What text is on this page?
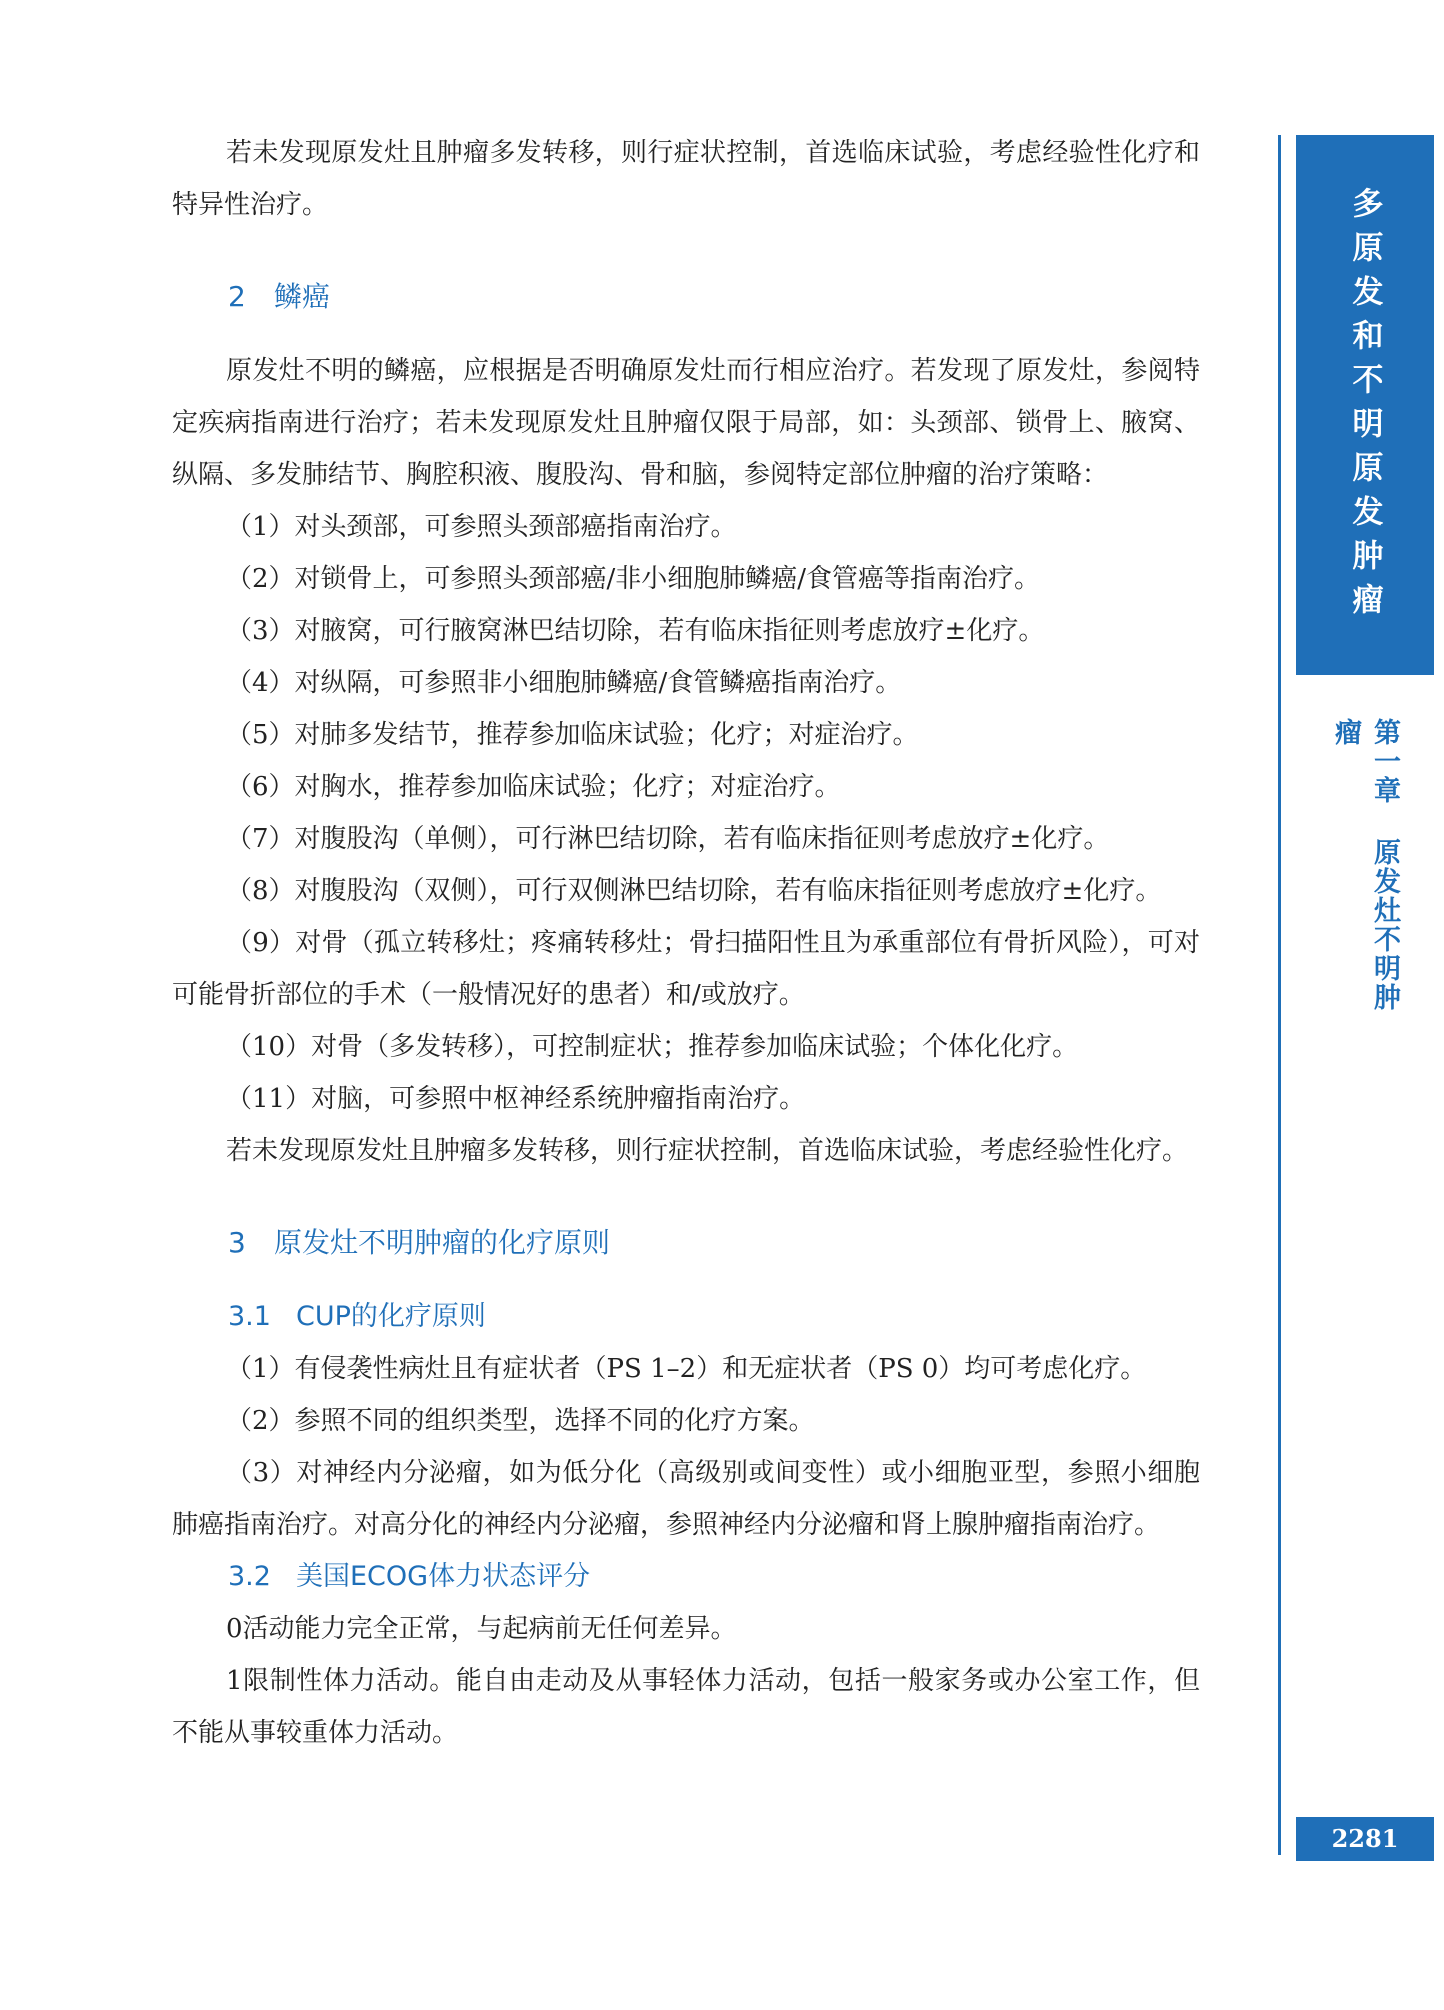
若未发现原发灶且肿瘤多发转移，则行症状控制，首选临床试验，考虑经验性化疗和特异性治疗。

2 鳞癌

原发灶不明的鳞癌，应根据是否明确原发灶而行相应治疗。若发现了原发灶，参阅特定疾病指南进行治疗；若未发现原发灶且肿瘤仅限于局部，如：头颈部、锁骨上、腋窝、纵隔、多发肺结节、胸腔积液、腹股沟、骨和脑，参阅特定部位肿瘤的治疗策略：

（1）对头颈部，可参照头颈部癌指南治疗。

（2）对锁骨上，可参照头颈部癌/非小细胞肺鳞癌/食管癌等指南治疗。

（3）对腋窝，可行腋窝淋巴结切除，若有临床指征则考虑放疗±化疗。

（4）对纵隔，可参照非小细胞肺鳞癌/食管鳞癌指南治疗。

（5）对肺多发结节，推荐参加临床试验；化疗；对症治疗。

（6）对胸水，推荐参加临床试验；化疗；对症治疗。

（7）对腹股沟（单侧），可行淋巴结切除，若有临床指征则考虑放疗±化疗。

（8）对腹股沟（双侧），可行双侧淋巴结切除，若有临床指征则考虑放疗±化疗。

（9）对骨（孤立转移灶；疼痛转移灶；骨扫描阳性且为承重部位有骨折风险），可对可能骨折部位的手术（一般情况好的患者）和/或放疗。

（10）对骨（多发转移），可控制症状；推荐参加临床试验；个体化化疗。

（11）对脑，可参照中枢神经系统肿瘤指南治疗。

若未发现原发灶且肿瘤多发转移，则行症状控制，首选临床试验，考虑经验性化疗。

3 原发灶不明肿瘤的化疗原则
3.1 CUP的化疗原则

（1）有侵袭性病灶且有症状者（PS 1–2）和无症状者（PS 0）均可考虑化疗。

（2）参照不同的组织类型，选择不同的化疗方案。

（3）对神经内分泌瘤，如为低分化（高级别或间变性）或小细胞亚型，参照小细胞肺癌指南治疗。对高分化的神经内分泌瘤，参照神经内分泌瘤和肾上腺肿瘤指南治疗。

3.2 美国ECOG体力状态评分

0活动能力完全正常，与起病前无任何差异。

1限制性体力活动。能自由走动及从事轻体力活动，包括一般家务或办公室工作，但不能从事较重体力活动。

多原发和不明原发肿瘤
第一章 原发灶不明肿瘤
2281
